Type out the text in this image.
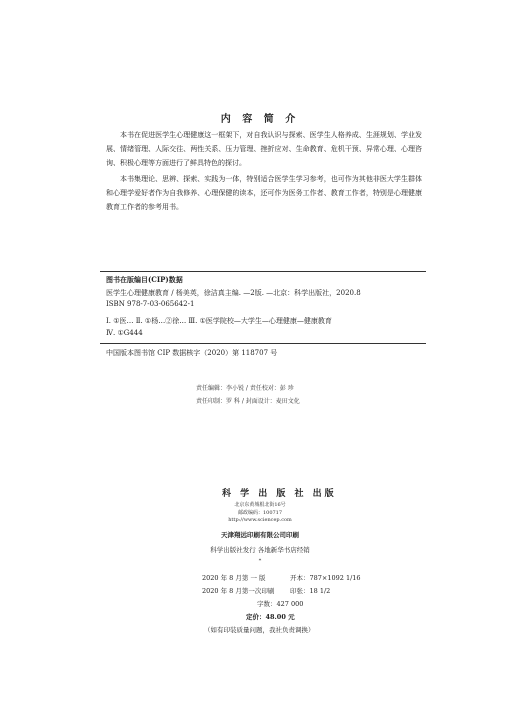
内 容 简 介

本书在促进医学生心理健康这一框架下，对自我认识与探索、医学生人格养成、生涯规划、学业发展、情绪管理、人际交往、两性关系、压力管理、挫折应对、生命教育、危机干预、异常心理、心理咨询、积极心理等方面进行了鲜具特色的探讨。

本书集理论、思辨、探索、实践为一体，特别适合医学生学习参考，也可作为其他非医大学生群体和心理学爱好者作为自我修养、心理保健的读本，还可作为医务工作者、教育工作者，特别是心理健康教育工作者的参考用书。

图书在版编目(CIP)数据
医学生心理健康教育 / 杨美英，徐洁真主编. —2版. —北京：科学出版社，2020.8
ISBN 978-7-03-065642-1
Ⅰ. ①医… Ⅱ. ①杨…②徐… Ⅲ. ①医学院校—大学生—心理健康—健康教育
Ⅳ. ①G444
中国版本图书馆 CIP 数据核字（2020）第 118707 号
责任编辑：李小锐 / 责任校对：彭 珍
责任印制：罗 科 / 封面设计：麦田文化
科 学 出 版 社 出版
北京东黄城根北街16号
邮政编码：100717
http://www.sciencep.com
天津翔远印刷有限公司印刷
科学出版社发行 各地新华书店经销
*
2020 年 8 月第 一 版	开本：787×1092 1/16
2020 年 8 月第一次印刷 印张：18 1/2
字数：427 000
定价：48.00 元
（如有印装质量问题，我社负责调换）
